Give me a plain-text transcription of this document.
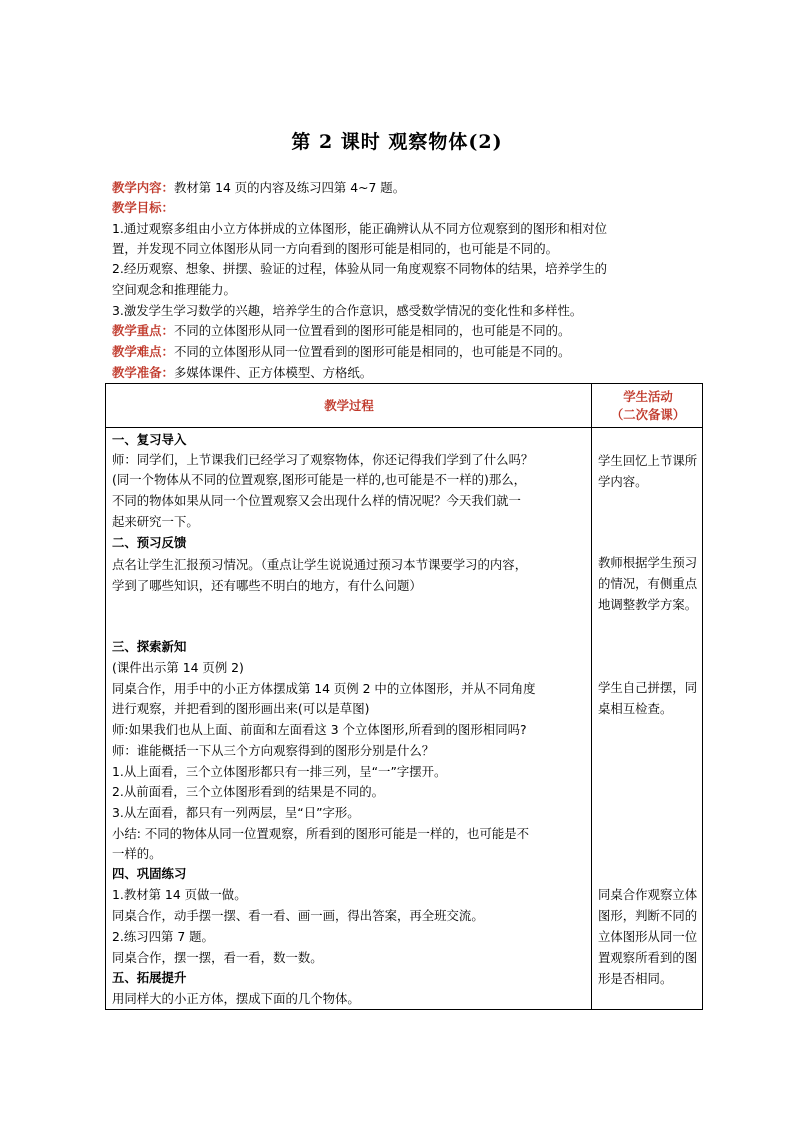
第 2 课时 观察物体(2)
教学内容：教材第 14 页的内容及练习四第 4~7 题。
教学目标：
1.通过观察多组由小立方体拼成的立体图形，能正确辨认从不同方位观察到的图形和相对位
置，并发现不同立体图形从同一方向看到的图形可能是相同的，也可能是不同的。
2.经历观察、想象、拼摆、验证的过程，体验从同一角度观察不同物体的结果，培养学生的
空间观念和推理能力。
3.激发学生学习数学的兴趣，培养学生的合作意识，感受数学情况的变化性和多样性。
教学重点：不同的立体图形从同一位置看到的图形可能是相同的，也可能是不同的。
教学难点：不同的立体图形从同一位置看到的图形可能是相同的，也可能是不同的。
教学准备：多媒体课件、正方体模型、方格纸。
教学过程
学生活动
（二次备课）
一、复习导入
师：同学们，上节课我们已经学习了观察物体，你还记得我们学到了什么吗？
(同一个物体从不同的位置观察,图形可能是一样的,也可能是不一样的)那么，
不同的物体如果从同一个位置观察又会出现什么样的情况呢？今天我们就一
起来研究一下。
二、预习反馈
点名让学生汇报预习情况。（重点让学生说说通过预习本节课要学习的内容，
学到了哪些知识，还有哪些不明白的地方，有什么问题）
三、探索新知
(课件出示第 14 页例 2)
同桌合作，用手中的小正方体摆成第 14 页例 2 中的立体图形，并从不同角度
进行观察，并把看到的图形画出来(可以是草图)
师:如果我们也从上面、前面和左面看这 3 个立体图形,所看到的图形相同吗?
师：谁能概括一下从三个方向观察得到的图形分别是什么？
1.从上面看，三个立体图形都只有一排三列，呈“一”字摆开。
2.从前面看，三个立体图形看到的结果是不同的。
3.从左面看，都只有一列两层，呈“日”字形。
小结: 不同的物体从同一位置观察，所看到的图形可能是一样的，也可能是不
一样的。
四、巩固练习
1.教材第 14 页做一做。
同桌合作，动手摆一摆、看一看、画一画，得出答案，再全班交流。
2.练习四第 7 题。
同桌合作，摆一摆，看一看，数一数。
五、拓展提升
用同样大的小正方体，摆成下面的几个物体。
学生回忆上节课所学内容。
教师根据学生预习的情况，有侧重点地调整教学方案。
学生自己拼摆，同桌相互检查。
同桌合作观察立体图形，判断不同的立体图形从同一位置观察所看到的图形是否相同。
